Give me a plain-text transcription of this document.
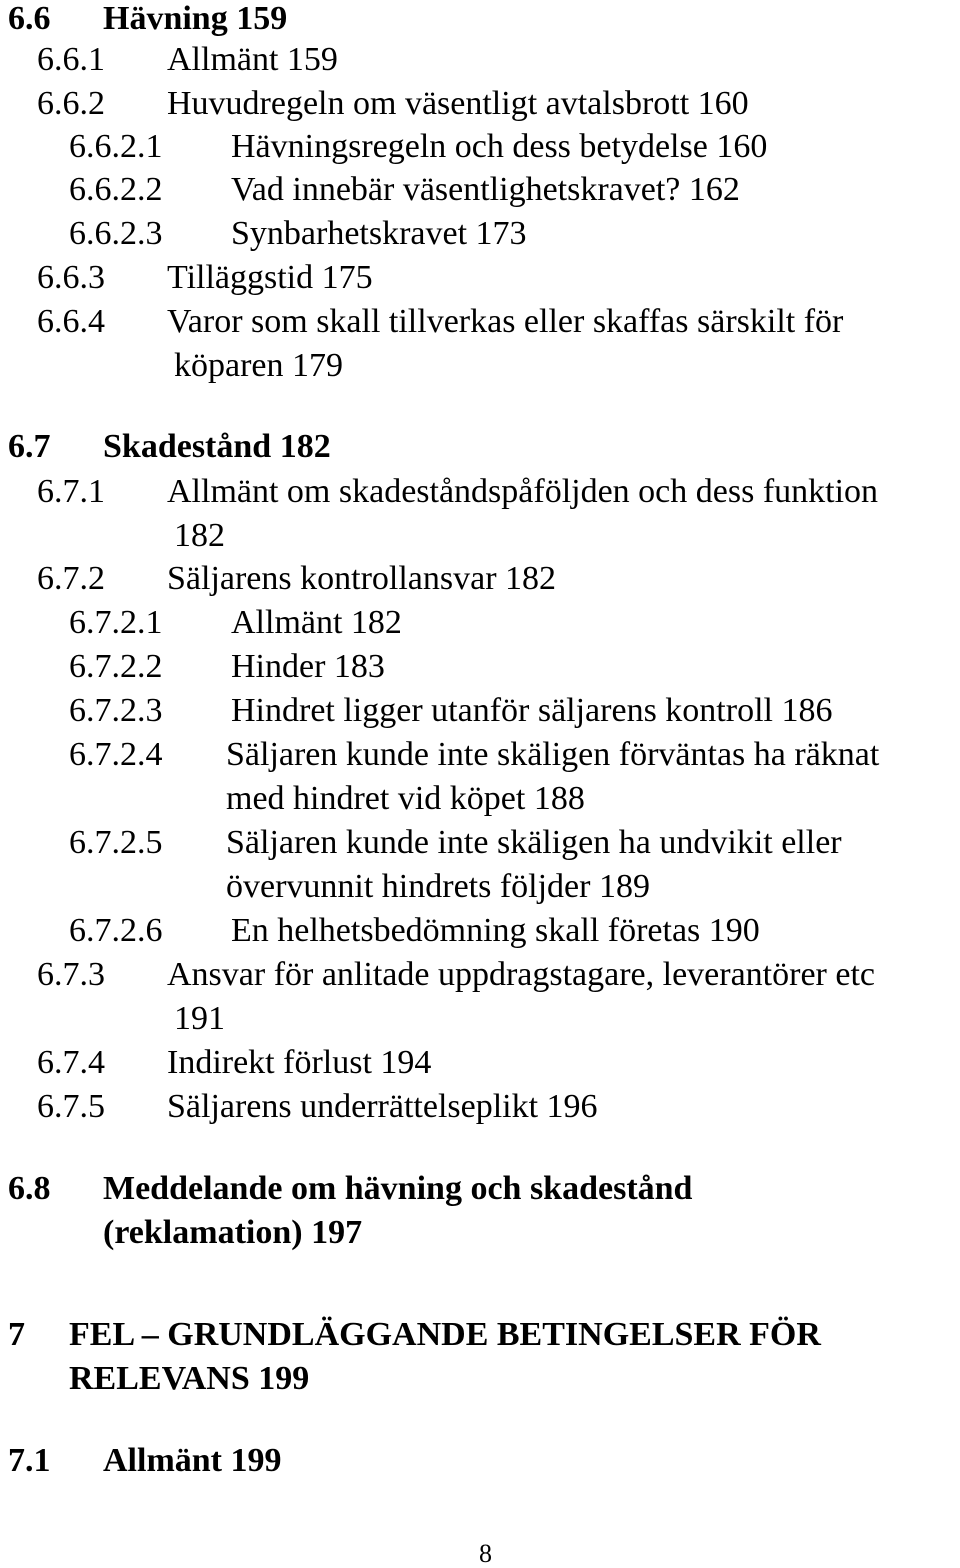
6.6 Hävning 159
6.6.1 Allmänt 159
6.6.2 Huvudregeln om väsentligt avtalsbrott 160
6.6.2.1 Hävningsregeln och dess betydelse 160
6.6.2.2 Vad innebär väsentlighetskravet? 162
6.6.2.3 Synbarhetskravet 173
6.6.3 Tilläggstid 175
6.6.4 Varor som skall tillverkas eller skaffas särskilt för
köparen 179
6.7 Skadestånd 182
6.7.1 Allmänt om skadeståndspåföljden och dess funktion
182
6.7.2 Säljarens kontrollansvar 182
6.7.2.1 Allmänt 182
6.7.2.2 Hinder 183
6.7.2.3 Hindret ligger utanför säljarens kontroll 186
6.7.2.4 Säljaren kunde inte skäligen förväntas ha räknat
med hindret vid köpet 188
6.7.2.5 Säljaren kunde inte skäligen ha undvikit eller
övervunnit hindrets följder 189
6.7.2.6 En helhetsbedömning skall företas 190
6.7.3 Ansvar för anlitade uppdragstagare, leverantörer etc
191
6.7.4 Indirekt förlust 194
6.7.5 Säljarens underrättelseplikt 196
6.8 Meddelande om hävning och skadestånd
(reklamation) 197
7 FEL – GRUNDLÄGGANDE BETINGELSER FÖR
RELEVANS 199
7.1 Allmänt 199
8
